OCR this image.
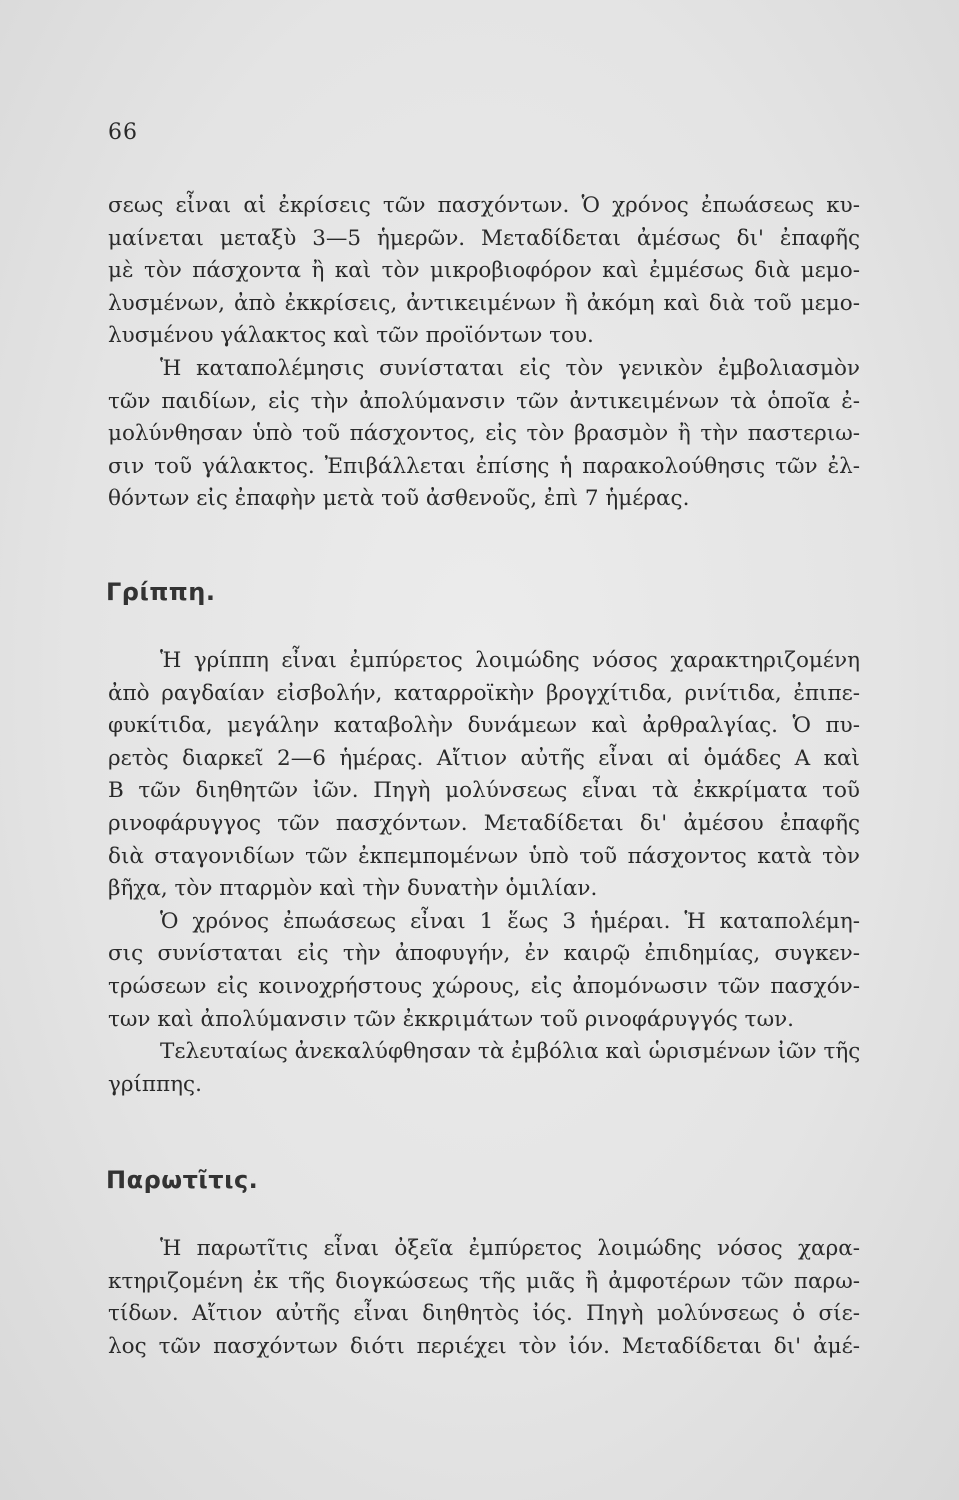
66
σεως εἶναι αἱ ἐκρίσεις τῶν πασχόντων. Ὁ χρόνος ἐπωάσεως κυ-
μαίνεται μεταξὺ 3—5 ἡμερῶν. Μεταδίδεται ἀμέσως δι' ἐπαφῆς
μὲ τὸν πάσχοντα ἢ καὶ τὸν μικροβιοφόρον καὶ ἐμμέσως διὰ μεμο-
λυσμένων, ἀπὸ ἐκκρίσεις, ἀντικειμένων ἢ ἀκόμη καὶ διὰ τοῦ μεμο-
λυσμένου γάλακτος καὶ τῶν προϊόντων του.
Ἡ καταπολέμησις συνίσταται εἰς τὸν γενικὸν ἐμβολιασμὸν
τῶν παιδίων, εἰς τὴν ἀπολύμανσιν τῶν ἀντικειμένων τὰ ὁποῖα ἐ-
μολύνθησαν ὑπὸ τοῦ πάσχοντος, εἰς τὸν βρασμὸν ἢ τὴν παστεριω-
σιν τοῦ γάλακτος. Ἐπιβάλλεται ἐπίσης ἡ παρακολούθησις τῶν ἐλ-
θόντων εἰς ἐπαφὴν μετὰ τοῦ ἀσθενοῦς, ἐπὶ 7 ἡμέρας.
Γρίππη.
Ἡ γρίππη εἶναι ἐμπύρετος λοιμώδης νόσος χαρακτηριζομένη
ἀπὸ ραγδαίαν εἰσβολήν, καταρροϊκὴν βρογχίτιδα, ρινίτιδα, ἐπιπε-
φυκίτιδα, μεγάλην καταβολὴν δυνάμεων καὶ ἀρθραλγίας. Ὁ πυ-
ρετὸς διαρκεῖ 2—6 ἡμέρας. Αἴτιον αὐτῆς εἶναι αἱ ὁμάδες Α καὶ
Β τῶν διηθητῶν ἰῶν. Πηγὴ μολύνσεως εἶναι τὰ ἐκκρίματα τοῦ
ρινοφάρυγγος τῶν πασχόντων. Μεταδίδεται δι' ἀμέσου ἐπαφῆς
διὰ σταγονιδίων τῶν ἐκπεμπομένων ὑπὸ τοῦ πάσχοντος κατὰ τὸν
βῆχα, τὸν πταρμὸν καὶ τὴν δυνατὴν ὁμιλίαν.
Ὁ χρόνος ἐπωάσεως εἶναι 1 ἕως 3 ἡμέραι. Ἡ καταπολέμη-
σις συνίσταται εἰς τὴν ἀποφυγήν, ἐν καιρῷ ἐπιδημίας, συγκεν-
τρώσεων εἰς κοινοχρήστους χώρους, εἰς ἀπομόνωσιν τῶν πασχόν-
των καὶ ἀπολύμανσιν τῶν ἐκκριμάτων τοῦ ρινοφάρυγγός των.
Τελευταίως ἀνεκαλύφθησαν τὰ ἐμβόλια καὶ ὡρισμένων ἰῶν τῆς
γρίππης.
Παρωτῖτις.
Ἡ παρωτῖτις εἶναι ὀξεῖα ἐμπύρετος λοιμώδης νόσος χαρα-
κτηριζομένη ἐκ τῆς διογκώσεως τῆς μιᾶς ἢ ἀμφοτέρων τῶν παρω-
τίδων. Αἴτιον αὐτῆς εἶναι διηθητὸς ἰός. Πηγὴ μολύνσεως ὁ σίε-
λος τῶν πασχόντων διότι περιέχει τὸν ἰόν. Μεταδίδεται δι' ἀμέ-
